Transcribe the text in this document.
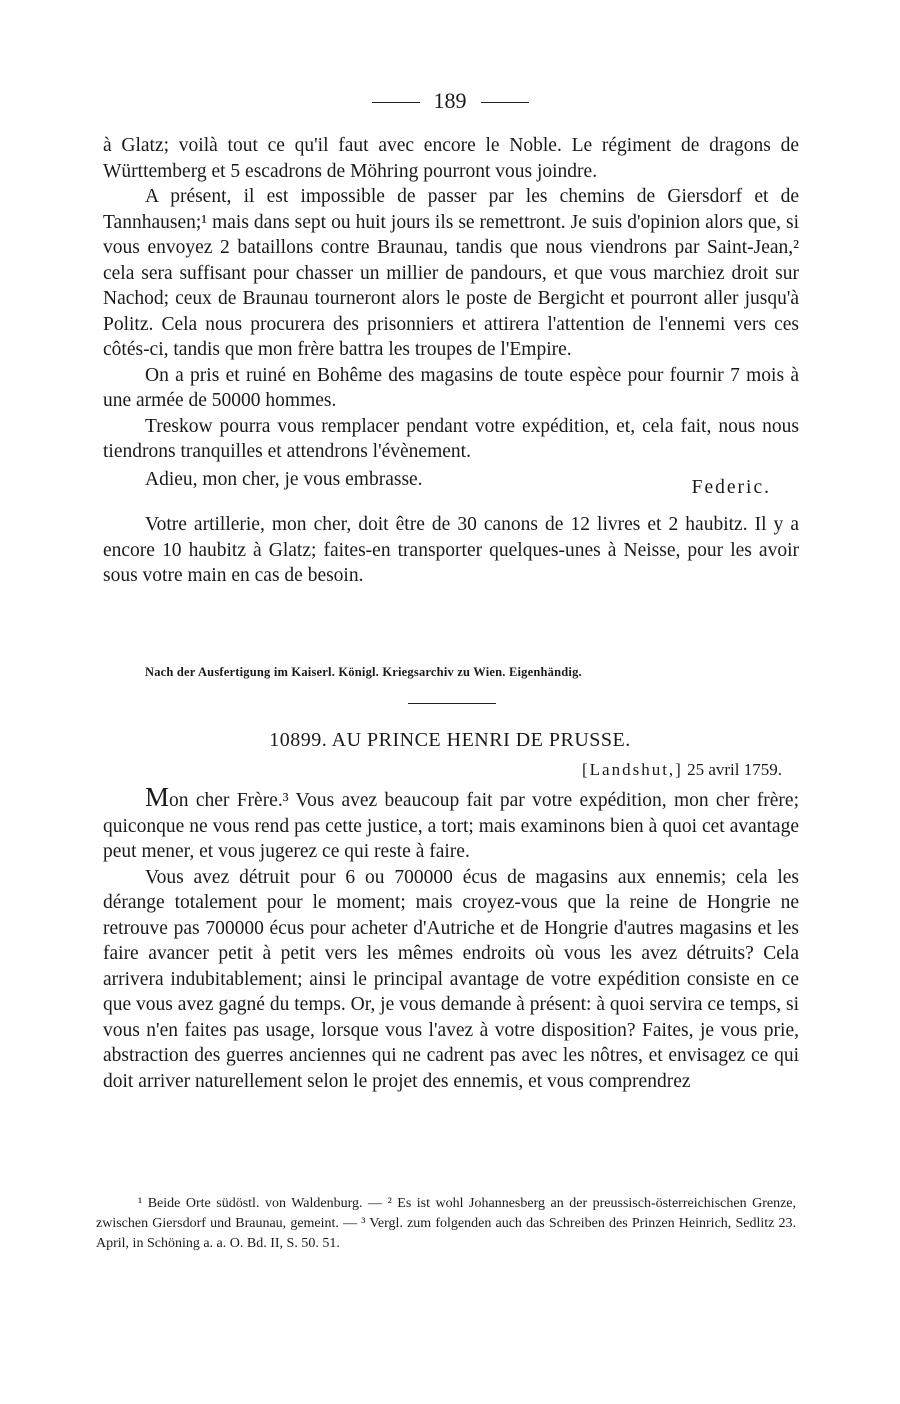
189

à Glatz; voilà tout ce qu'il faut avec encore le Noble. Le régiment de dragons de Württemberg et 5 escadrons de Möhring pourront vous joindre.

A présent, il est impossible de passer par les chemins de Giersdorf et de Tannhausen;¹ mais dans sept ou huit jours ils se remettront. Je suis d'opinion alors que, si vous envoyez 2 bataillons contre Braunau, tandis que nous viendrons par Saint-Jean,² cela sera suffisant pour chasser un millier de pandours, et que vous marchiez droit sur Nachod; ceux de Braunau tourneront alors le poste de Bergicht et pourront aller jusqu'à Politz. Cela nous procurera des prisonniers et attirera l'attention de l'ennemi vers ces côtés-ci, tandis que mon frère battra les troupes de l'Empire.

On a pris et ruiné en Bohême des magasins de toute espèce pour fournir 7 mois à une armée de 50000 hommes.

Treskow pourra vous remplacer pendant votre expédition, et, cela fait, nous nous tiendrons tranquilles et attendrons l'évènement.

Adieu, mon cher, je vous embrasse.	Federic.

Votre artillerie, mon cher, doit être de 30 canons de 12 livres et 2 haubitz. Il y a encore 10 haubitz à Glatz; faites-en transporter quelques-unes à Neisse, pour les avoir sous votre main en cas de besoin.

Nach der Ausfertigung im Kaiserl. Königl. Kriegsarchiv zu Wien. Eigenhändig.
10899. AU PRINCE HENRI DE PRUSSE.
[Landshut,] 25 avril 1759.

Mon cher Frère.³ Vous avez beaucoup fait par votre expédition, mon cher frère; quiconque ne vous rend pas cette justice, a tort; mais examinons bien à quoi cet avantage peut mener, et vous jugerez ce qui reste à faire.

Vous avez détruit pour 6 ou 700000 écus de magasins aux ennemis; cela les dérange totalement pour le moment; mais croyez-vous que la reine de Hongrie ne retrouve pas 700000 écus pour acheter d'Autriche et de Hongrie d'autres magasins et les faire avancer petit à petit vers les mêmes endroits où vous les avez détruits? Cela arrivera indubitablement; ainsi le principal avantage de votre expédition consiste en ce que vous avez gagné du temps. Or, je vous demande à présent: à quoi servira ce temps, si vous n'en faites pas usage, lorsque vous l'avez à votre disposition? Faites, je vous prie, abstraction des guerres anciennes qui ne cadrent pas avec les nôtres, et envisagez ce qui doit arriver naturellement selon le projet des ennemis, et vous comprendrez

¹ Beide Orte südöstl. von Waldenburg. — ² Es ist wohl Johannesberg an der preussisch-österreichischen Grenze, zwischen Giersdorf und Braunau, gemeint. — ³ Vergl. zum folgenden auch das Schreiben des Prinzen Heinrich, Sedlitz 23. April, in Schöning a. a. O. Bd. II, S. 50. 51.
